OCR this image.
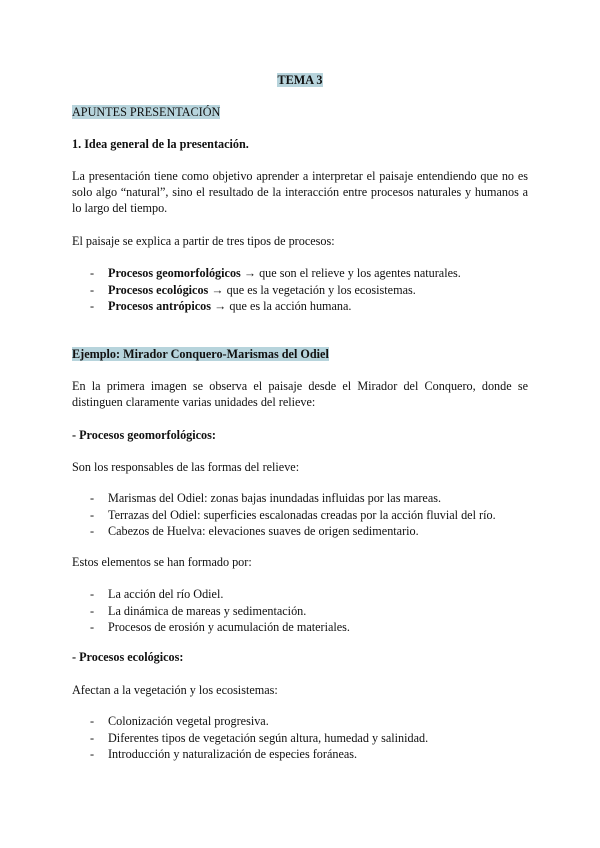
TEMA 3

APUNTES PRESENTACIÓN

1. Idea general de la presentación.

La presentación tiene como objetivo aprender a interpretar el paisaje entendiendo que no es
solo algo “natural”, sino el resultado de la interacción entre procesos naturales y humanos a
lo largo del tiempo.

El paisaje se explica a partir de tres tipos de procesos:

- Procesos geomorfológicos → que son el relieve y los agentes naturales.
- Procesos ecológicos → que es la vegetación y los ecosistemas.
- Procesos antrópicos → que es la acción humana.

Ejemplo: Mirador Conquero-Marismas del Odiel

En la primera imagen se observa el paisaje desde el Mirador del Conquero, donde se
distinguen claramente varias unidades del relieve:

- Procesos geomorfológicos:

Son los responsables de las formas del relieve:

- Marismas del Odiel: zonas bajas inundadas influidas por las mareas.
- Terrazas del Odiel: superficies escalonadas creadas por la acción fluvial del río.
- Cabezos de Huelva: elevaciones suaves de origen sedimentario.

Estos elementos se han formado por:

- La acción del río Odiel.
- La dinámica de mareas y sedimentación.
- Procesos de erosión y acumulación de materiales.

- Procesos ecológicos:

Afectan a la vegetación y los ecosistemas:

- Colonización vegetal progresiva.
- Diferentes tipos de vegetación según altura, humedad y salinidad.
- Introducción y naturalización de especies foráneas.
